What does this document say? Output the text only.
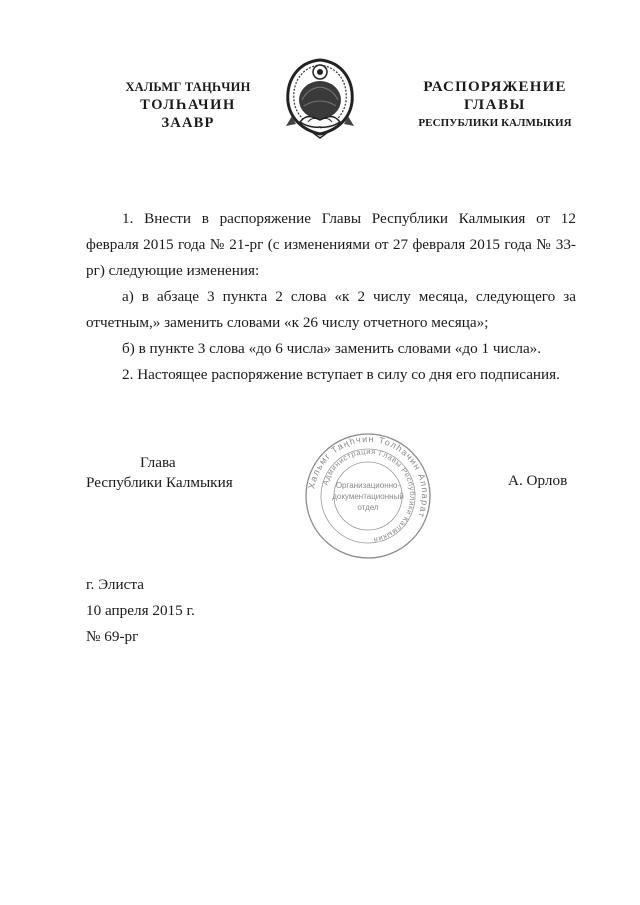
ХАЛЬМГ ТАҢҺЧИН
ТОЛҺАЧИН
ЗААВР
РАСПОРЯЖЕНИЕ
ГЛАВЫ
РЕСПУБЛИКИ КАЛМЫКИЯ

1. Внести в распоряжение Главы Республики Калмыкия от 12 февраля 2015 года № 21-рг (с изменениями от 27 февраля 2015 года № 33-рг) следующие изменения:

а) в абзаце 3 пункта 2 слова «к 2 числу месяца, следующего за отчетным,» заменить словами «к 26 числу отчетного месяца»;

б) в пункте 3 слова «до 6 числа» заменить словами «до 1 числа».

2. Настоящее распоряжение вступает в силу со дня его подписания.

Глава
Республики Калмыкия	Хальмг Таңһчин Толһачин Аппарат
Администрация Главы Республики Калмыкия
Организационно-
документационный
отдел
А. Орлов
г. Элиста
10 апреля 2015 г.
№ 69-рг
